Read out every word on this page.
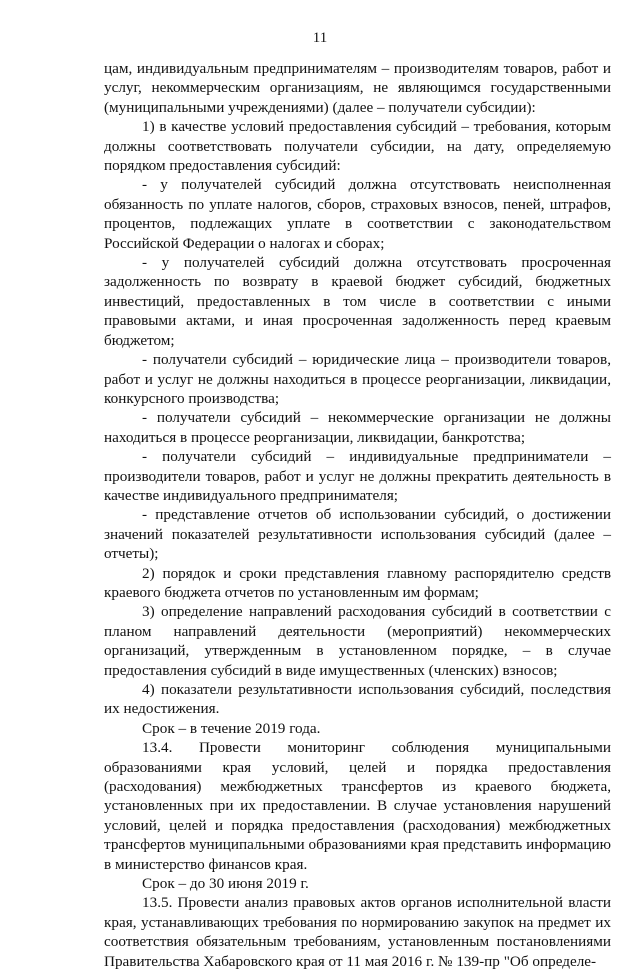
11

цам, индивидуальным предпринимателям – производителям товаров, работ и услуг, некоммерческим организациям, не являющимся государственными (муниципальными учреждениями) (далее – получатели субсидии):

1) в качестве условий предоставления субсидий – требования, которым должны соответствовать получатели субсидии, на дату, определяемую порядком предоставления субсидий:

- у получателей субсидий должна отсутствовать неисполненная обязанность по уплате налогов, сборов, страховых взносов, пеней, штрафов, процентов, подлежащих уплате в соответствии с законодательством Российской Федерации о налогах и сборах;

- у получателей субсидий должна отсутствовать просроченная задолженность по возврату в краевой бюджет субсидий, бюджетных инвестиций, предоставленных в том числе в соответствии с иными правовыми актами, и иная просроченная задолженность перед краевым бюджетом;

- получатели субсидий – юридические лица – производители товаров, работ и услуг не должны находиться в процессе реорганизации, ликвидации, конкурсного производства;

- получатели субсидий – некоммерческие организации не должны находиться в процессе реорганизации, ликвидации, банкротства;

- получатели субсидий – индивидуальные предприниматели – производители товаров, работ и услуг не должны прекратить деятельность в качестве индивидуального предпринимателя;

- представление отчетов об использовании субсидий, о достижении значений показателей результативности использования субсидий (далее – отчеты);

2) порядок и сроки представления главному распорядителю средств краевого бюджета отчетов по установленным им формам;

3) определение направлений расходования субсидий в соответствии с планом направлений деятельности (мероприятий) некоммерческих организаций, утвержденным в установленном порядке, – в случае предоставления субсидий в виде имущественных (членских) взносов;

4) показатели результативности использования субсидий, последствия их недостижения.

Срок – в течение 2019 года.

13.4. Провести мониторинг соблюдения муниципальными образованиями края условий, целей и порядка предоставления (расходования) межбюджетных трансфертов из краевого бюджета, установленных при их предоставлении. В случае установления нарушений условий, целей и порядка предоставления (расходования) межбюджетных трансфертов муниципальными образованиями края представить информацию в министерство финансов края.

Срок – до 30 июня 2019 г.

13.5. Провести анализ правовых актов органов исполнительной власти края, устанавливающих требования по нормированию закупок на предмет их соответствия обязательным требованиям, установленным постановлениями Правительства Хабаровского края от 11 мая 2016 г. № 139-пр "Об определе-
